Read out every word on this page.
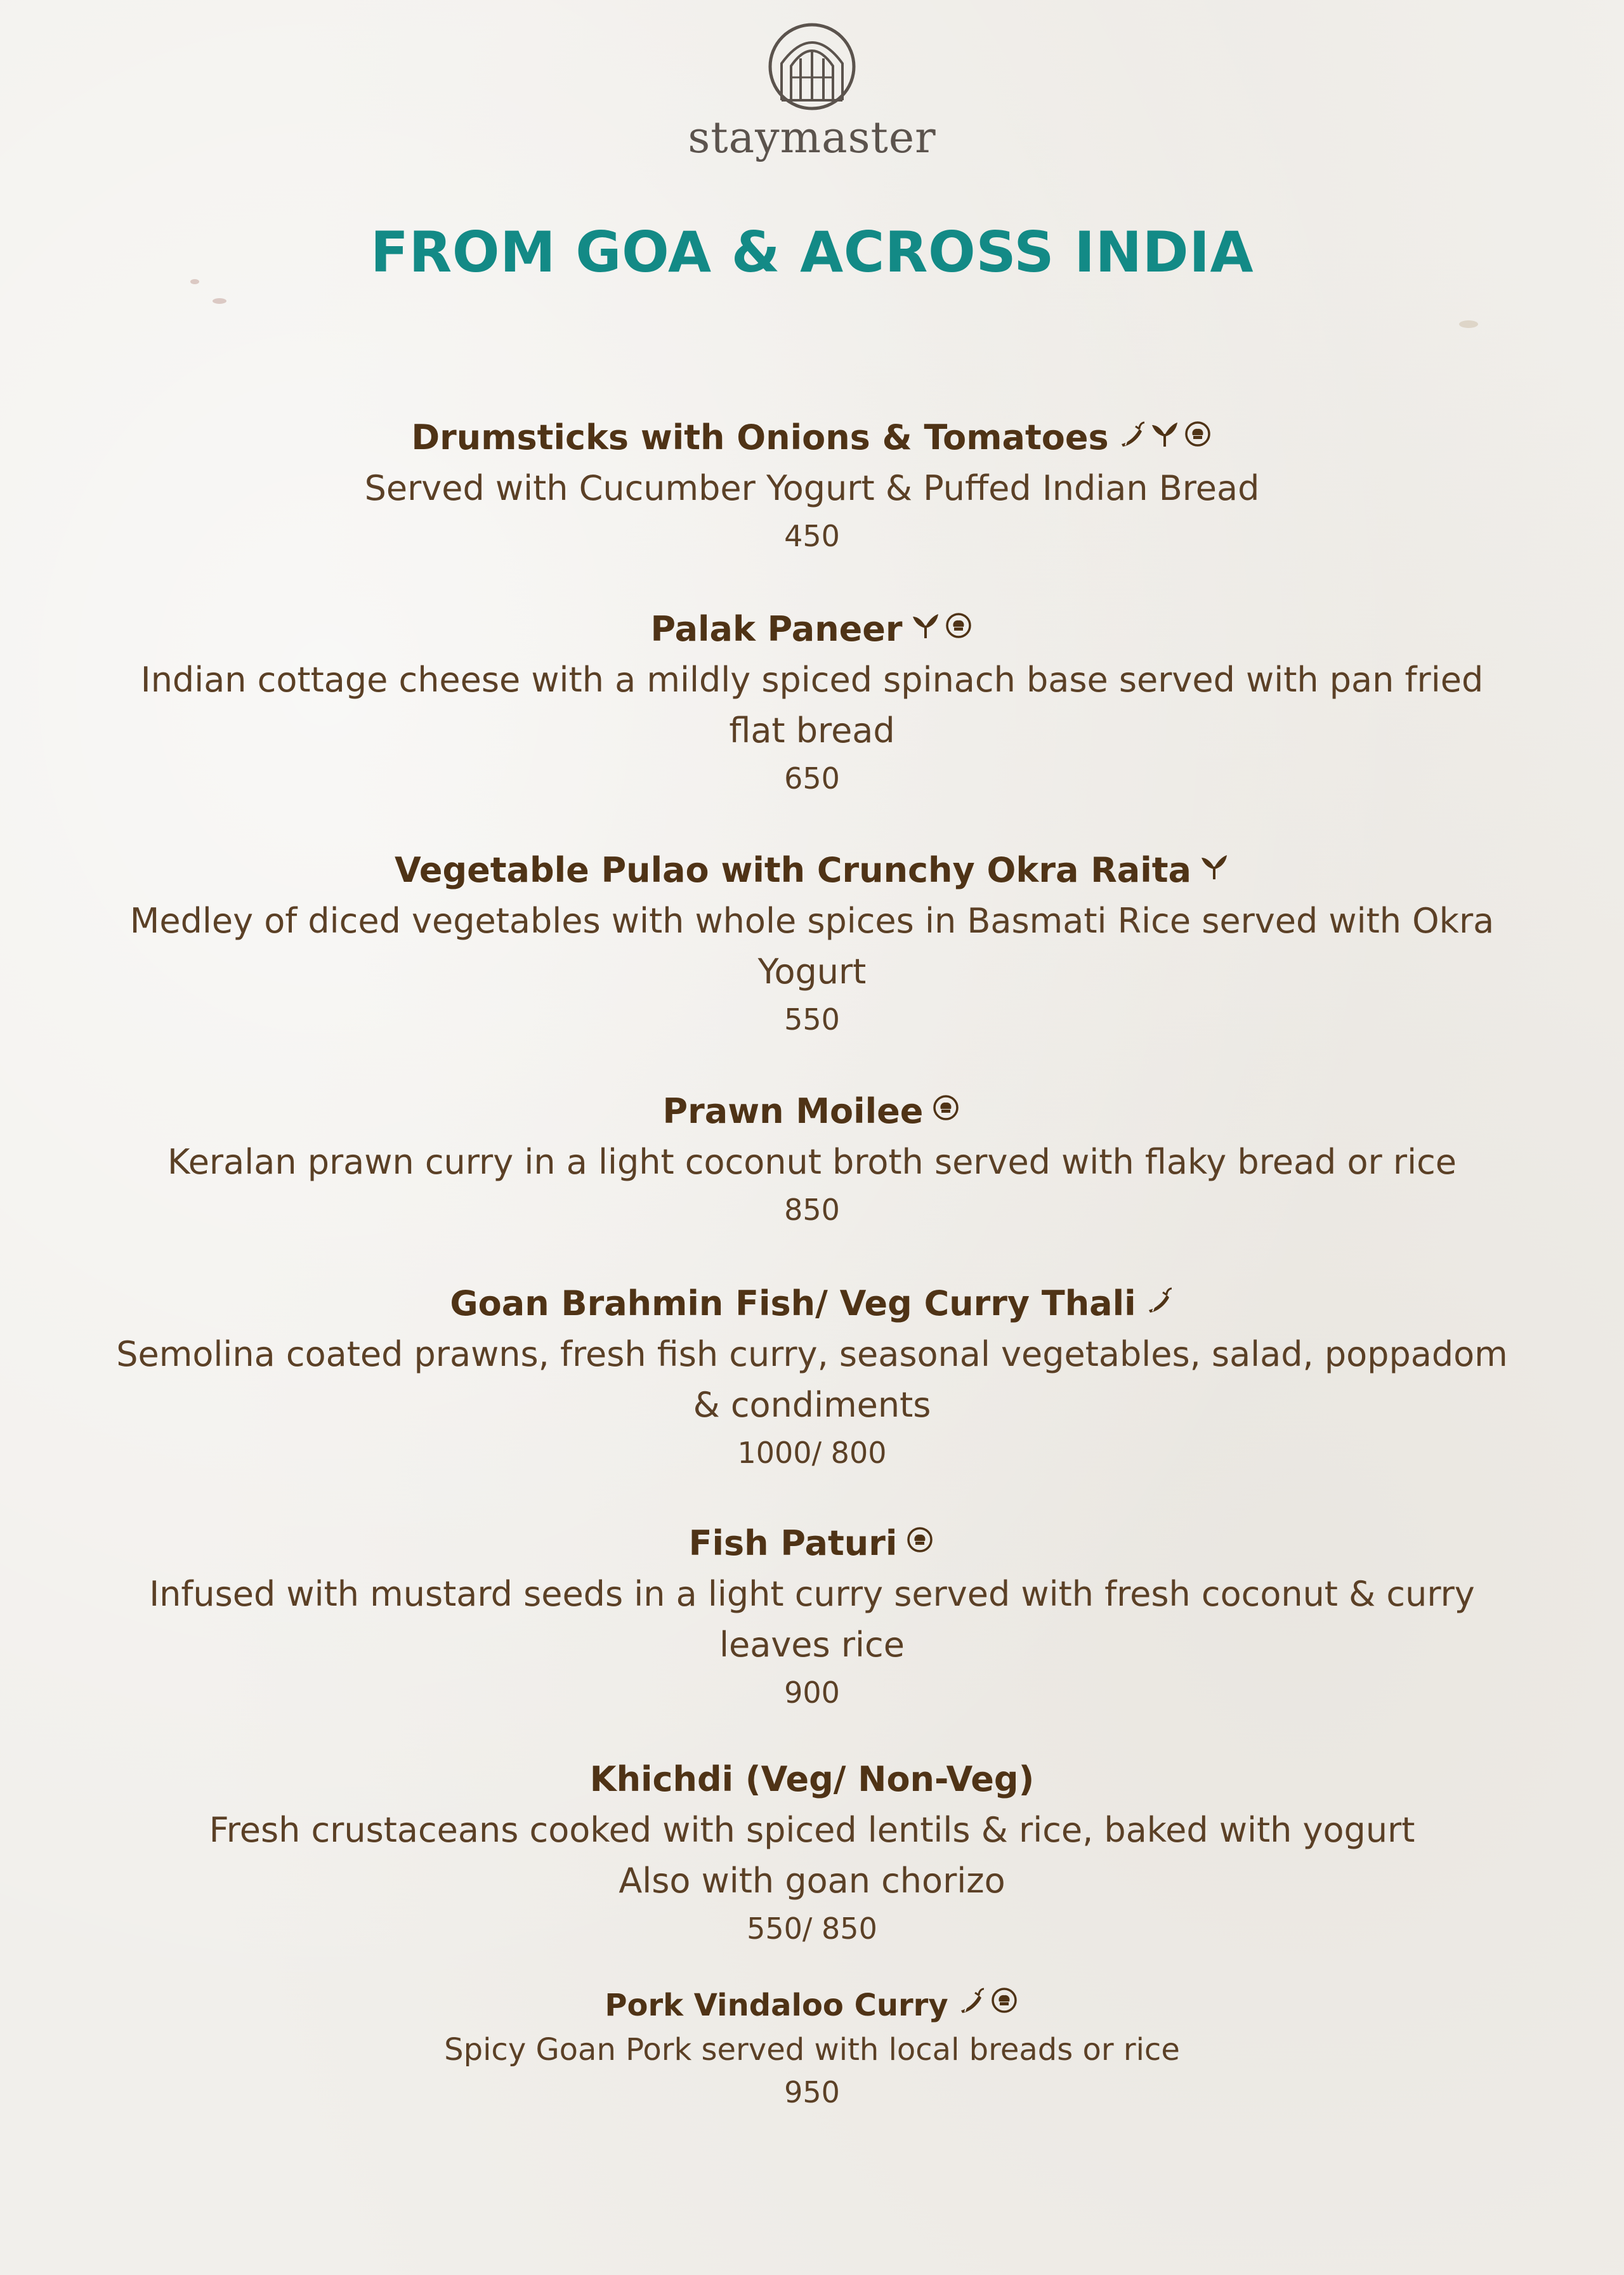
staymaster
FROM GOA & ACROSS INDIA
Drumsticks with Onions & Tomatoes
Served with Cucumber Yogurt & Puffed Indian Bread
450
Palak Paneer
Indian cottage cheese with a mildly spiced spinach base served with pan fried
flat bread
650
Vegetable Pulao with Crunchy Okra Raita
Medley of diced vegetables with whole spices in Basmati Rice served with Okra
Yogurt
550
Prawn Moilee
Keralan prawn curry in a light coconut broth served with flaky bread or rice
850
Goan Brahmin Fish/ Veg Curry Thali
Semolina coated prawns, fresh fish curry, seasonal vegetables, salad, poppadom
& condiments
1000/ 800
Fish Paturi
Infused with mustard seeds in a light curry served with fresh coconut & curry
leaves rice
900
Khichdi (Veg/ Non-Veg)
Fresh crustaceans cooked with spiced lentils & rice, baked with yogurt
Also with goan chorizo
550/ 850
Pork Vindaloo Curry
Spicy Goan Pork served with local breads or rice
950
